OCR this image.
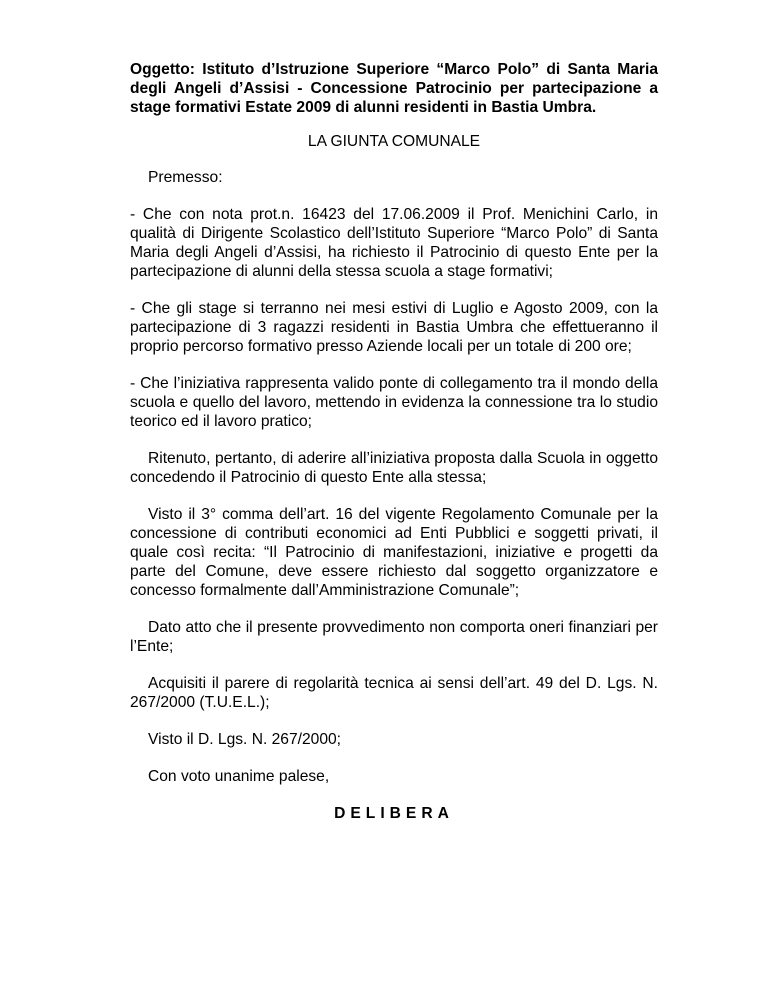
Oggetto: Istituto d’Istruzione Superiore “Marco Polo” di Santa Maria degli Angeli d’Assisi - Concessione Patrocinio per partecipazione a stage formativi Estate 2009 di alunni residenti in Bastia Umbra.

LA GIUNTA COMUNALE

Premesso:

- Che con nota prot.n. 16423 del 17.06.2009 il Prof. Menichini Carlo, in qualità di Dirigente Scolastico dell’Istituto Superiore “Marco Polo” di Santa Maria degli Angeli d’Assisi, ha richiesto il Patrocinio di questo Ente per la partecipazione di alunni della stessa scuola a stage formativi;

- Che gli stage si terranno nei mesi estivi di Luglio e Agosto 2009, con la partecipazione di 3 ragazzi residenti in Bastia Umbra che effettueranno il proprio percorso formativo presso Aziende locali per un totale di 200 ore;

- Che l’iniziativa rappresenta valido ponte di collegamento tra il mondo della scuola e quello del lavoro, mettendo in evidenza la connessione tra lo studio teorico ed il lavoro pratico;

Ritenuto, pertanto, di aderire all’iniziativa proposta dalla Scuola in oggetto concedendo il Patrocinio di questo Ente alla stessa;

Visto il 3° comma dell’art. 16 del vigente Regolamento Comunale per la concessione di contributi economici ad Enti Pubblici e soggetti privati, il quale così recita: “Il Patrocinio di manifestazioni, iniziative e progetti da parte del Comune, deve essere richiesto dal soggetto organizzatore e concesso formalmente dall’Amministrazione Comunale”;

Dato atto che il presente provvedimento non comporta oneri finanziari per l’Ente;

Acquisiti il parere di regolarità tecnica ai sensi dell’art. 49 del D. Lgs. N. 267/2000 (T.U.E.L.);

Visto il D. Lgs. N. 267/2000;

Con voto unanime palese,

DELIBERA
